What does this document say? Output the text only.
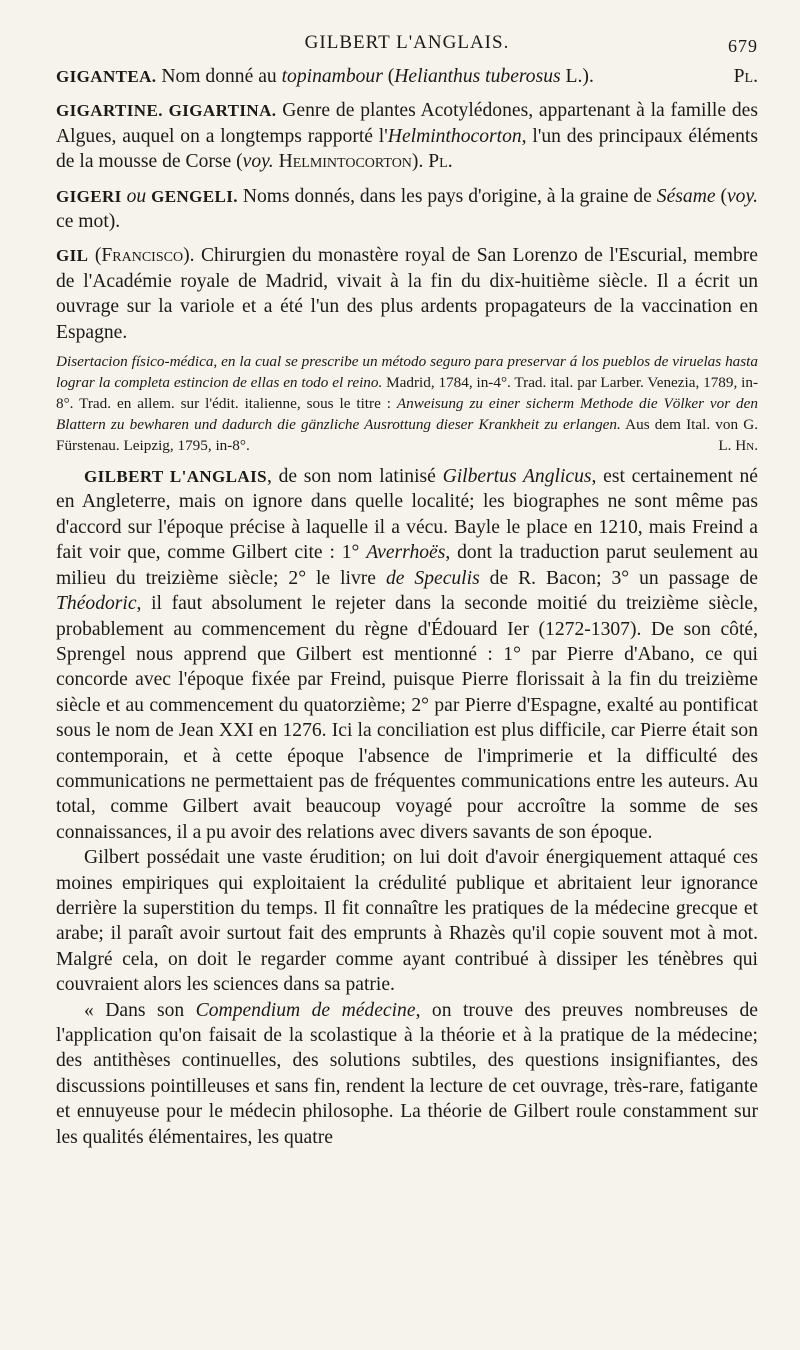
GILBERT L'ANGLAIS.	679

GIGANTEA. Nom donné au topinambour (Helianthus tuberosus L.).	Pl.

GIGARTINE. GIGARTINA. Genre de plantes Acotylédones, appartenant à la famille des Algues, auquel on a longtemps rapporté l'Helminthocorton, l'un des principaux éléments de la mousse de Corse (voy. Helmintocorton). Pl.

GIGERI ou GENGELI. Noms donnés, dans les pays d'origine, à la graine de Sésame (voy. ce mot).

GIL (Francisco). Chirurgien du monastère royal de San Lorenzo de l'Escurial, membre de l'Académie royale de Madrid, vivait à la fin du dix-huitième siècle. Il a écrit un ouvrage sur la variole et a été l'un des plus ardents propagateurs de la vaccination en Espagne.

Disertacion físico-médica, en la cual se prescribe un método seguro para preservar á los pueblos de viruelas hasta lograr la completa estincion de ellas en todo el reino. Madrid, 1784, in-4°. Trad. ital. par Larber. Venezia, 1789, in-8°. Trad. en allem. sur l'édit. italienne, sous le titre : Anweisung zu einer sicherm Methode die Völker vor den Blattern zu bewharen und dadurch die gänzliche Ausrottung dieser Krankheit zu erlangen. Aus dem Ital. von G. Fürstenau. Leipzig, 1795, in-8°.	L. Hn.

GILBERT L'ANGLAIS, de son nom latinisé Gilbertus Anglicus, est certainement né en Angleterre, mais on ignore dans quelle localité; les biographes ne sont même pas d'accord sur l'époque précise à laquelle il a vécu. Bayle le place en 1210, mais Freind a fait voir que, comme Gilbert cite : 1° Averrhoës, dont la traduction parut seulement au milieu du treizième siècle; 2° le livre de Speculis de R. Bacon; 3° un passage de Théodoric, il faut absolument le rejeter dans la seconde moitié du treizième siècle, probablement au commencement du règne d'Édouard Ier (1272-1307). De son côté, Sprengel nous apprend que Gilbert est mentionné : 1° par Pierre d'Abano, ce qui concorde avec l'époque fixée par Freind, puisque Pierre florissait à la fin du treizième siècle et au commencement du quatorzième; 2° par Pierre d'Espagne, exalté au pontificat sous le nom de Jean XXI en 1276. Ici la conciliation est plus difficile, car Pierre était son contemporain, et à cette époque l'absence de l'imprimerie et la difficulté des communications ne permettaient pas de fréquentes communications entre les auteurs. Au total, comme Gilbert avait beaucoup voyagé pour accroître la somme de ses connaissances, il a pu avoir des relations avec divers savants de son époque.

Gilbert possédait une vaste érudition; on lui doit d'avoir énergiquement attaqué ces moines empiriques qui exploitaient la crédulité publique et abritaient leur ignorance derrière la superstition du temps. Il fit connaître les pratiques de la médecine grecque et arabe; il paraît avoir surtout fait des emprunts à Rhazès qu'il copie souvent mot à mot. Malgré cela, on doit le regarder comme ayant contribué à dissiper les ténèbres qui couvraient alors les sciences dans sa patrie.

« Dans son Compendium de médecine, on trouve des preuves nombreuses de l'application qu'on faisait de la scolastique à la théorie et à la pratique de la médecine; des antithèses continuelles, des solutions subtiles, des questions insignifiantes, des discussions pointilleuses et sans fin, rendent la lecture de cet ouvrage, très-rare, fatigante et ennuyeuse pour le médecin philosophe. La théorie de Gilbert roule constamment sur les qualités élémentaires, les quatre
